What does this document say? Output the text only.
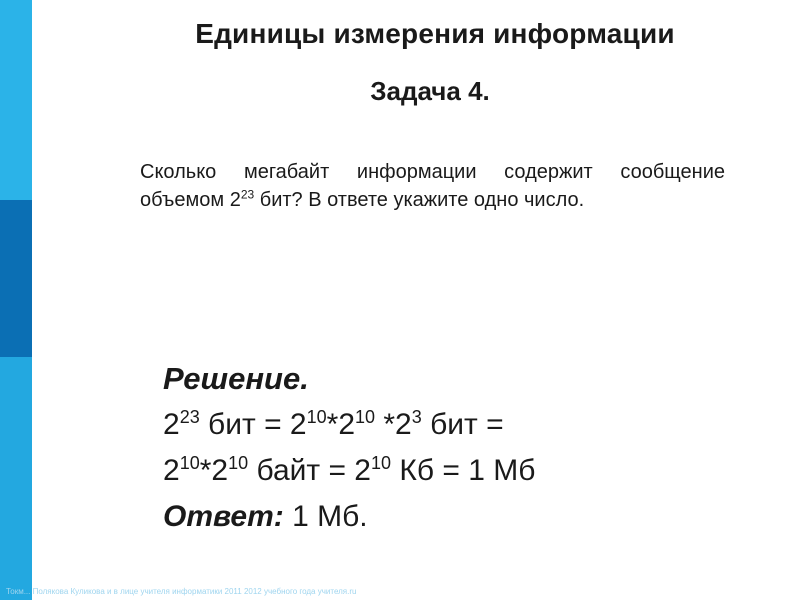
Единицы измерения информации
Задача 4.
Сколько мегабайт информации содержит сообщение объемом $2^{23}$ бит? В ответе укажите одно число.
Решение.
$2^{23}$ бит = $2^{10}*2^{10}$ $*2^3$ бит =
$2^{10}*2^{10}$ байт = $2^{10}$ Кб = 1 Мб
Ответ: 1 Мб.
Токм... Полякова Куликова и в лице учителя информатики 2011 2012 учебного года учителя.ru
